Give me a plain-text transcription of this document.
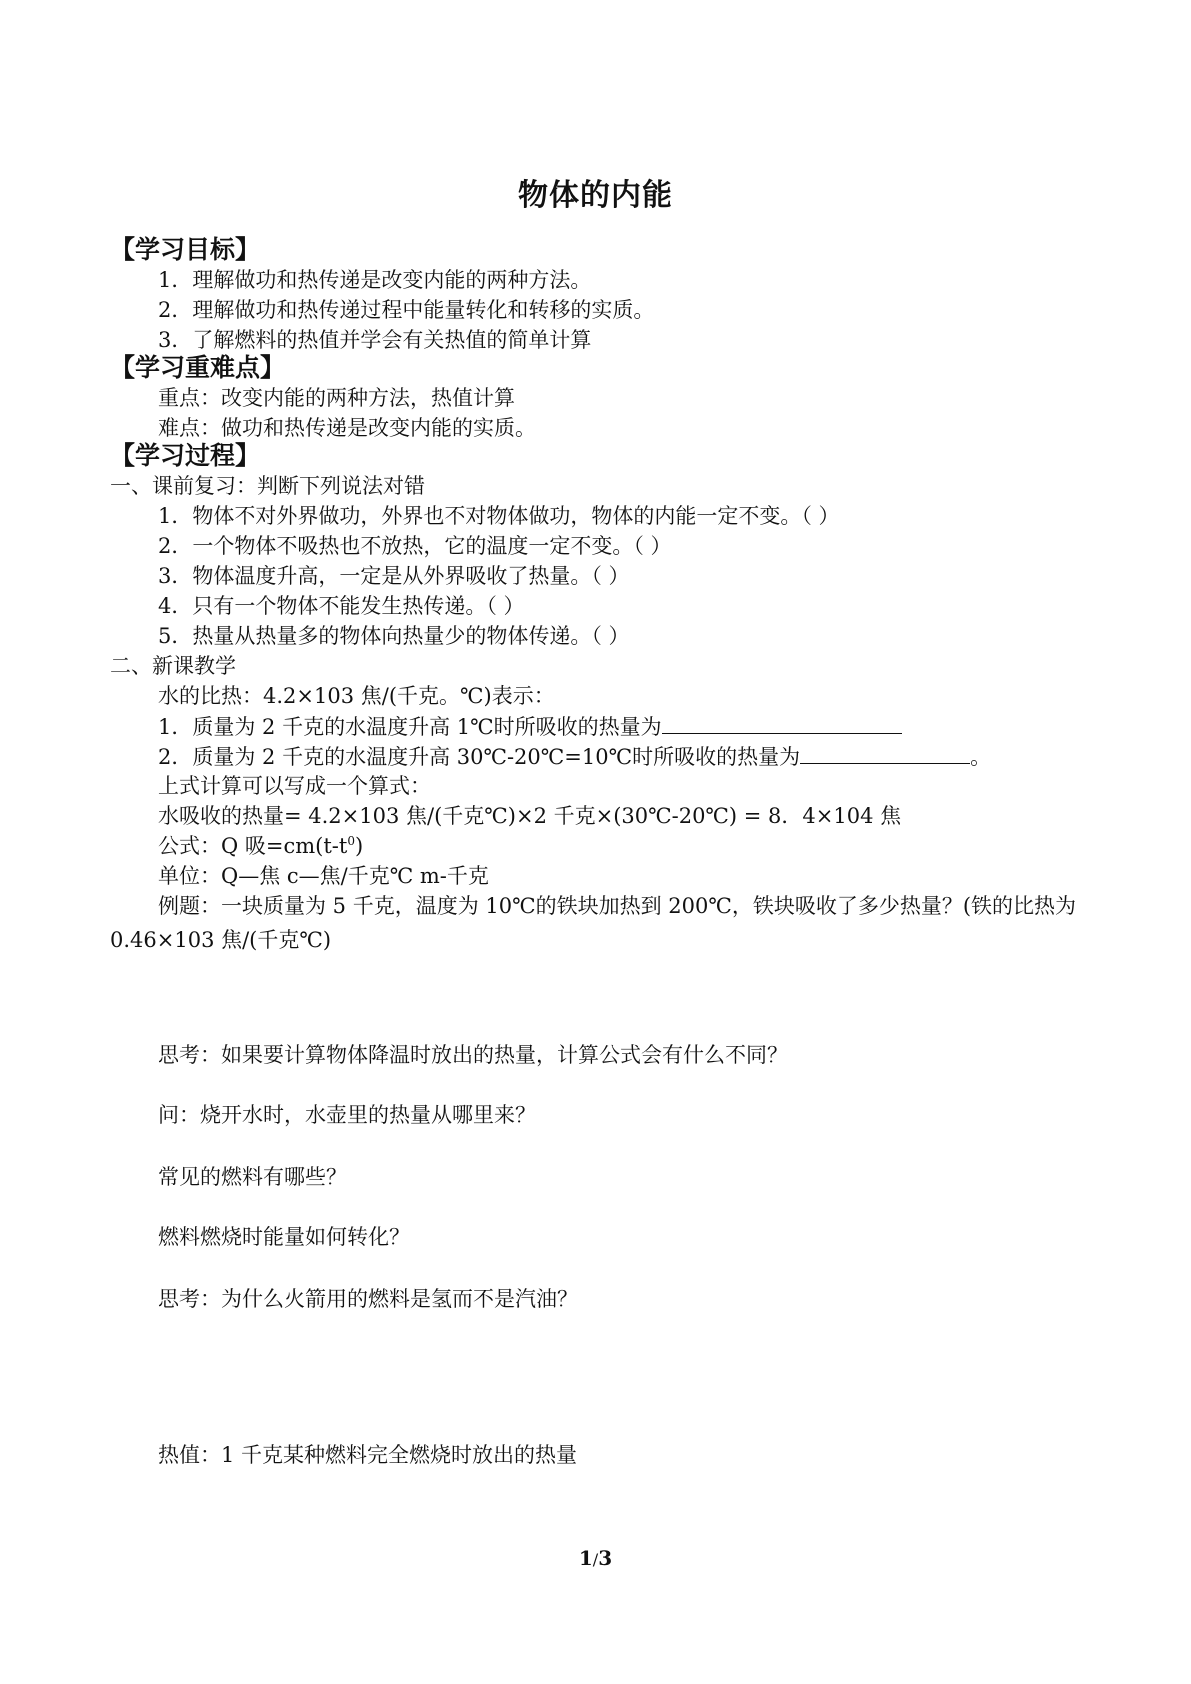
物体的内能
【学习目标】
1．理解做功和热传递是改变内能的两种方法。
2．理解做功和热传递过程中能量转化和转移的实质。
3．了解燃料的热值并学会有关热值的简单计算
【学习重难点】
重点：改变内能的两种方法，热值计算
难点：做功和热传递是改变内能的实质。
【学习过程】
一、课前复习：判断下列说法对错
1．物体不对外界做功，外界也不对物体做功，物体的内能一定不变。（ ）
2．一个物体不吸热也不放热，它的温度一定不变。（ ）
3．物体温度升高，一定是从外界吸收了热量。（ ）
4．只有一个物体不能发生热传递。（ ）
5．热量从热量多的物体向热量少的物体传递。（ ）
二、新课教学
水的比热：4.2×103 焦/(千克。℃)表示：
1．质量为 2 千克的水温度升高 1℃时所吸收的热量为
2．质量为 2 千克的水温度升高 30℃-20℃=10℃时所吸收的热量为	。
上式计算可以写成一个算式：
水吸收的热量= 4.2×103 焦/(千克℃)×2 千克×(30℃-20℃) = 8．4×104 焦
公式：Q 吸$=cm(t-t^0)$
单位：Q—焦 c—焦/千克℃ m-千克
例题：一块质量为 5 千克，温度为 10℃的铁块加热到 200℃，铁块吸收了多少热量？(铁的比热为 0.46×103 焦/(千克℃)
思考：如果要计算物体降温时放出的热量，计算公式会有什么不同？
问：烧开水时，水壶里的热量从哪里来？
常见的燃料有哪些？
燃料燃烧时能量如何转化？
思考：为什么火箭用的燃料是氢而不是汽油？
热值：1 千克某种燃料完全燃烧时放出的热量
1/3
